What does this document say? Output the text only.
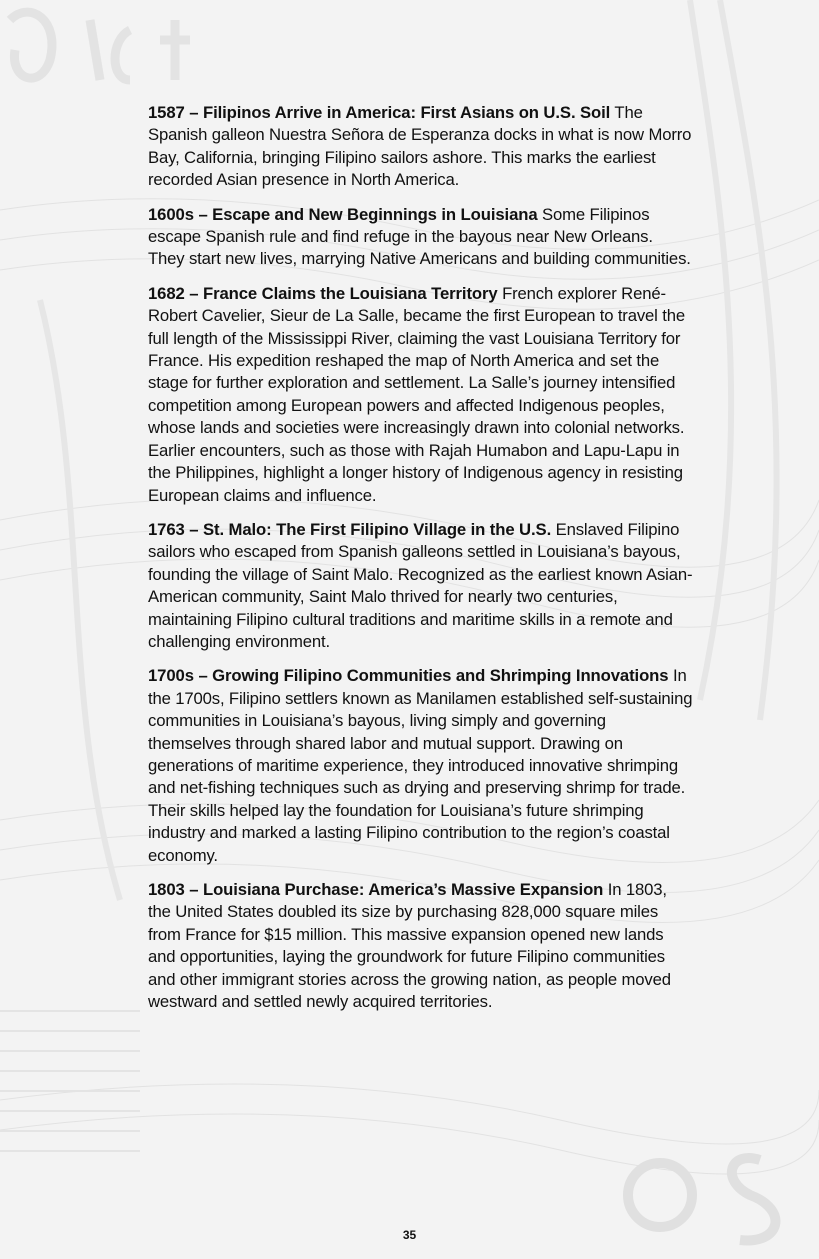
1587 – Filipinos Arrive in America: First Asians on U.S. Soil The Spanish galleon Nuestra Señora de Esperanza docks in what is now Morro Bay, California, bringing Filipino sailors ashore. This marks the earliest recorded Asian presence in North America.

1600s – Escape and New Beginnings in Louisiana Some Filipinos escape Spanish rule and find refuge in the bayous near New Orleans. They start new lives, marrying Native Americans and building communities.

1682 – France Claims the Louisiana Territory French explorer René-Robert Cavelier, Sieur de La Salle, became the first European to travel the full length of the Mississippi River, claiming the vast Louisiana Territory for France. His expedition reshaped the map of North America and set the stage for further exploration and settlement. La Salle’s journey intensified competition among European powers and affected Indigenous peoples, whose lands and societies were increasingly drawn into colonial networks. Earlier encounters, such as those with Rajah Humabon and Lapu-Lapu in the Philippines, highlight a longer history of Indigenous agency in resisting European claims and influence.

1763 – St. Malo: The First Filipino Village in the U.S. Enslaved Filipino sailors who escaped from Spanish galleons settled in Louisiana’s bayous, founding the village of Saint Malo. Recognized as the earliest known Asian-American community, Saint Malo thrived for nearly two centuries, maintaining Filipino cultural traditions and maritime skills in a remote and challenging environment.

1700s – Growing Filipino Communities and Shrimping Innovations In the 1700s, Filipino settlers known as Manilamen established self-sustaining communities in Louisiana’s bayous, living simply and governing themselves through shared labor and mutual support. Drawing on generations of maritime experience, they introduced innovative shrimping and net-fishing techniques such as drying and preserving shrimp for trade. Their skills helped lay the foundation for Louisiana’s future shrimping industry and marked a lasting Filipino contribution to the region’s coastal economy.

1803 – Louisiana Purchase: America’s Massive Expansion In 1803, the United States doubled its size by purchasing 828,000 square miles from France for $15 million. This massive expansion opened new lands and opportunities, laying the groundwork for future Filipino communities and other immigrant stories across the growing nation, as people moved westward and settled newly acquired territories.

35
